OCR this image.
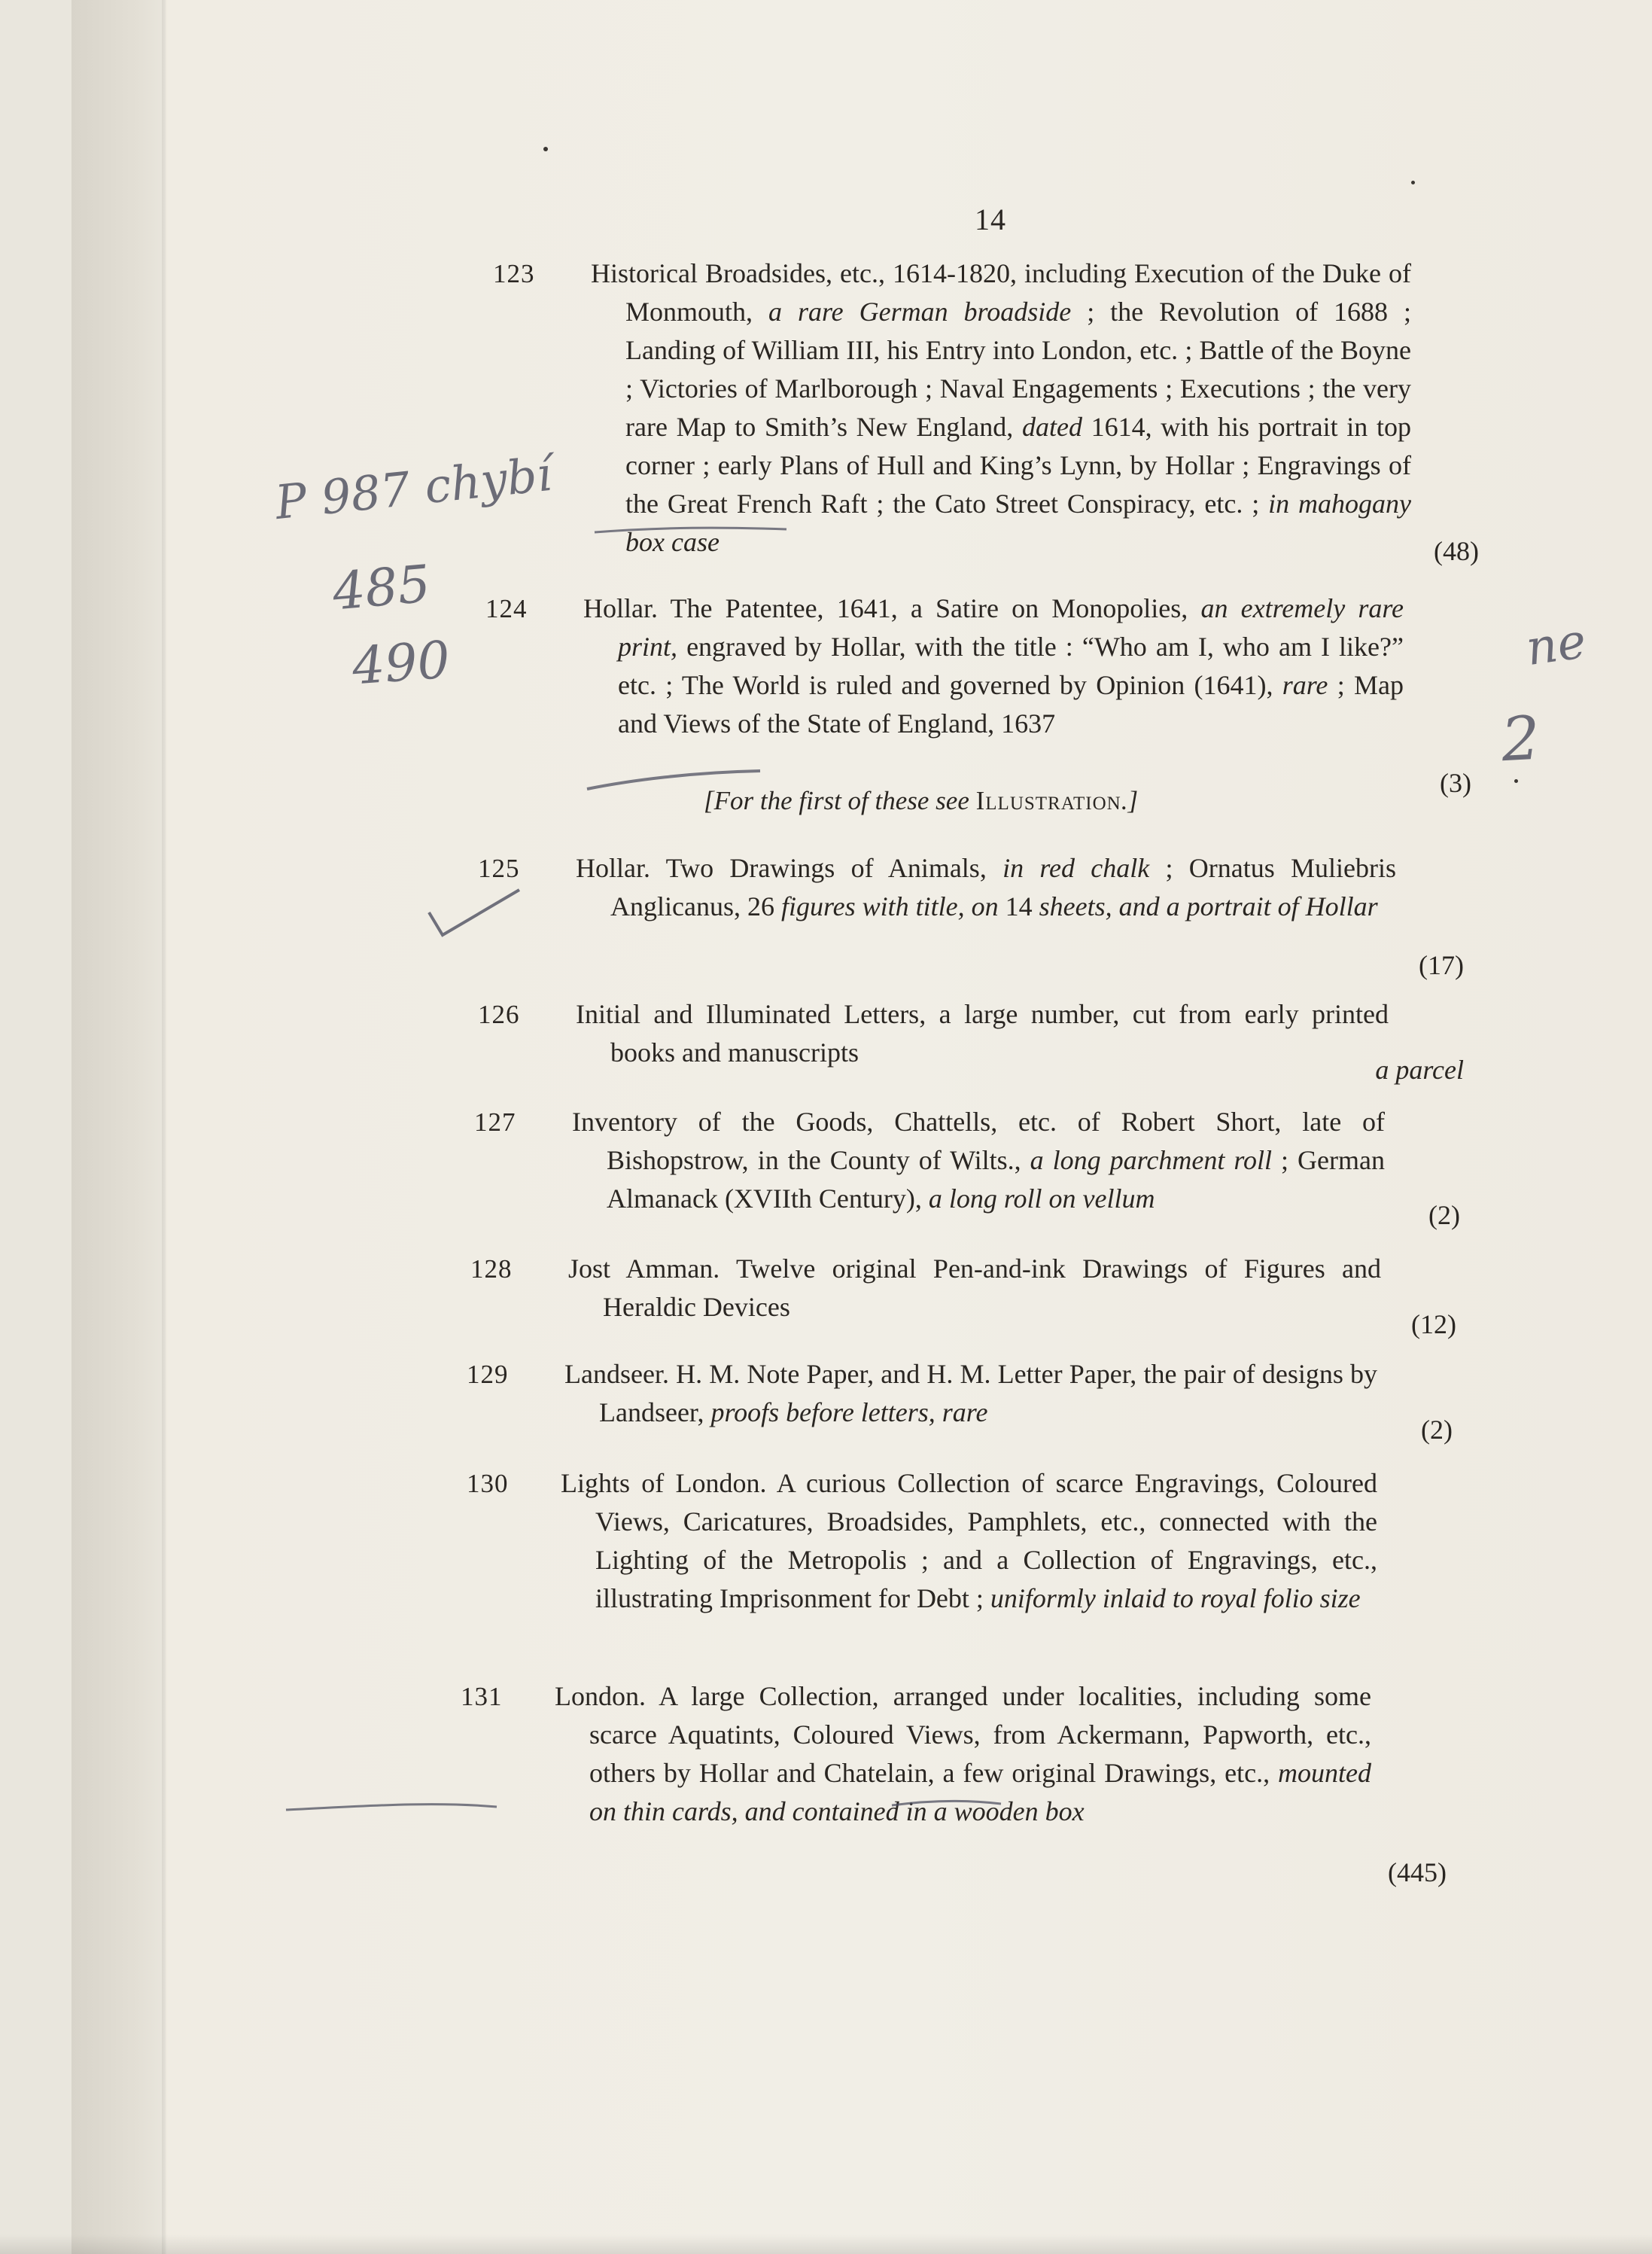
14
123 Historical Broadsides, etc., 1614-1820, including Execution of the Duke of Monmouth, a rare German broadside ; the Revolution of 1688 ; Landing of William III, his Entry into London, etc. ; Battle of the Boyne ; Victories of Marlborough ; Naval Engagements ; Executions ; the very rare Map to Smith’s New England, dated 1614, with his portrait in top corner ; early Plans of Hull and King’s Lynn, by Hollar ; Engravings of the Great French Raft ; the Cato Street Conspiracy, etc. ; in mahogany box case	(48)
124 Hollar. The Patentee, 1641, a Satire on Monopolies, an extremely rare print, engraved by Hollar, with the title : “Who am I, who am I like?” etc. ; The World is ruled and governed by Opinion (1641), rare ; Map and Views of the State of England, 1637

(3)
[For the first of these see Illustration.]
125 Hollar. Two Drawings of Animals, in red chalk ; Ornatus Muliebris Anglicanus, 26 figures with title, on 14 sheets, and a portrait of Hollar

(17)
126 Initial and Illuminated Letters, a large number, cut from early printed books and manuscripts

a parcel
127 Inventory of the Goods, Chattells, etc. of Robert Short, late of Bishopstrow, in the County of Wilts., a long parchment roll ; German Almanack (XVIIth Century), a long roll on vellum

(2)
128 Jost Amman. Twelve original Pen-and-ink Drawings of Figures and Heraldic Devices

(12)
129 Landseer. H. M. Note Paper, and H. M. Letter Paper, the pair of designs by Landseer, proofs before letters, rare

(2)
130 Lights of London. A curious Collection of scarce Engravings, Coloured Views, Caricatures, Broadsides, Pamphlets, etc., connected with the Lighting of the Metropolis ; and a Collection of Engravings, etc., illustrating Imprisonment for Debt ; uniformly inlaid to royal folio size

131 London. A large Collection, arranged under localities, including some scarce Aquatints, Coloured Views, from Ackermann, Papworth, etc., others by Hollar and Chatelain, a few original Drawings, etc., mounted on thin cards, and contained in a wooden box

(445)
P 987 chybí
485
490	ne
2
